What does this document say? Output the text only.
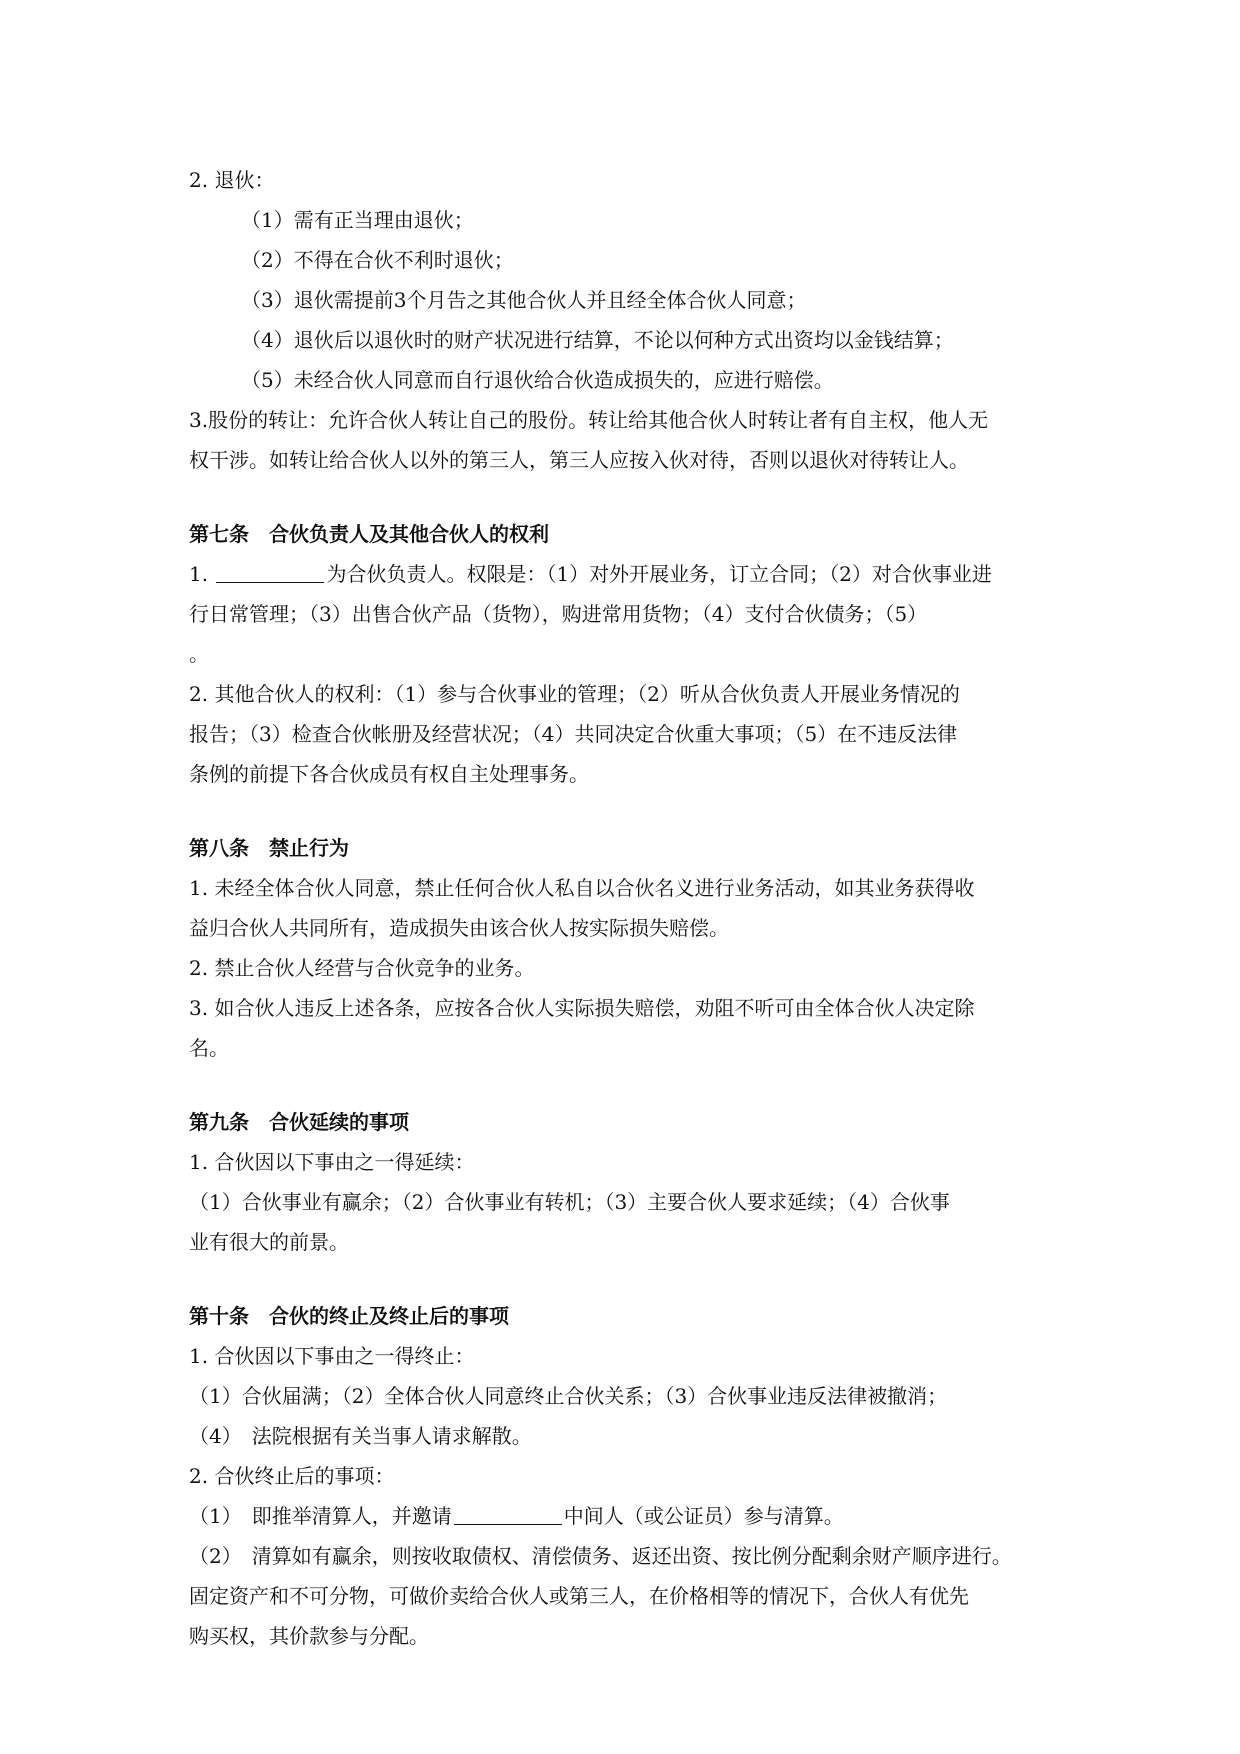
2. 退伙：
（1）需有正当理由退伙；
（2）不得在合伙不利时退伙；
（3）退伙需提前3个月告之其他合伙人并且经全体合伙人同意；
（4）退伙后以退伙时的财产状况进行结算，不论以何种方式出资均以金钱结算；
（5）未经合伙人同意而自行退伙给合伙造成损失的，应进行赔偿。
3.股份的转让：允许合伙人转让自己的股份。转让给其他合伙人时转让者有自主权，他人无
权干涉。如转让给合伙人以外的第三人，第三人应按入伙对待，否则以退伙对待转让人。
第七条　合伙负责人及其他合伙人的权利
1.	为合伙负责人。权限是：（1）对外开展业务，订立合同；（2）对合伙事业进
行日常管理；（3）出售合伙产品（货物），购进常用货物；（4）支付合伙债务；（5）
。
2. 其他合伙人的权利：（1）参与合伙事业的管理；（2）听从合伙负责人开展业务情况的
报告；（3）检查合伙帐册及经营状况；（4）共同决定合伙重大事项；（5）在不违反法律
条例的前提下各合伙成员有权自主处理事务。
第八条　禁止行为
1. 未经全体合伙人同意，禁止任何合伙人私自以合伙名义进行业务活动，如其业务获得收
益归合伙人共同所有，造成损失由该合伙人按实际损失赔偿。
2. 禁止合伙人经营与合伙竞争的业务。
3. 如合伙人违反上述各条，应按各合伙人实际损失赔偿，劝阻不听可由全体合伙人决定除
名。
第九条　合伙延续的事项
1. 合伙因以下事由之一得延续：
（1）合伙事业有赢余；（2）合伙事业有转机；（3）主要合伙人要求延续；（4）合伙事
业有很大的前景。
第十条　合伙的终止及终止后的事项
1. 合伙因以下事由之一得终止：
（1）合伙届满；（2）全体合伙人同意终止合伙关系；（3）合伙事业违反法律被撤消；
（4）　法院根据有关当事人请求解散。
2. 合伙终止后的事项：
（1）　即推举清算人，并邀请	中间人（或公证员）参与清算。
（2）　清算如有赢余，则按收取债权、清偿债务、返还出资、按比例分配剩余财产顺序进行。
固定资产和不可分物，可做价卖给合伙人或第三人，在价格相等的情况下，合伙人有优先
购买权，其价款参与分配。
